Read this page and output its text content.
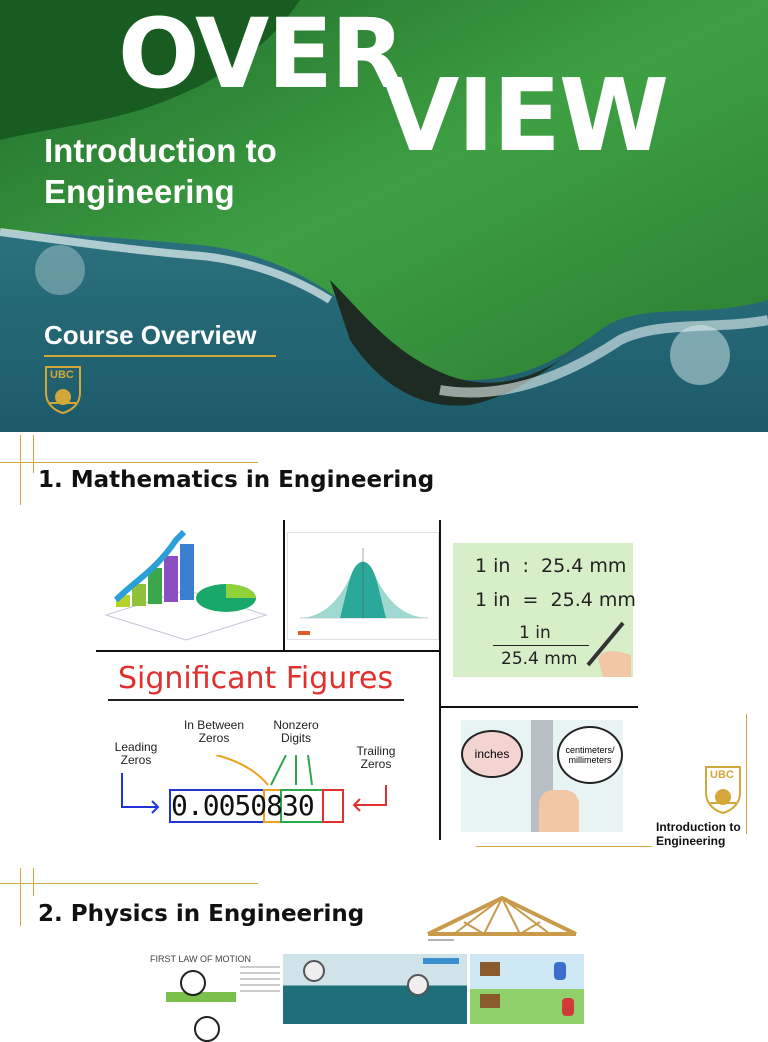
OVER
VIEW
Introduction to
Engineering
Course Overview
UBC
1. Mathematics in Engineering
1 in  :  25.4 mm
1 in  =  25.4 mm
1 in
25.4 mm
Significant Figures
Leading Zeros
In Between Zeros
Nonzero Digits
Trailing Zeros
0.0050830
inches	centimeters/ millimeters
UBC
Introduction to Engineering
2. Physics in Engineering
FIRST LAW OF MOTION
